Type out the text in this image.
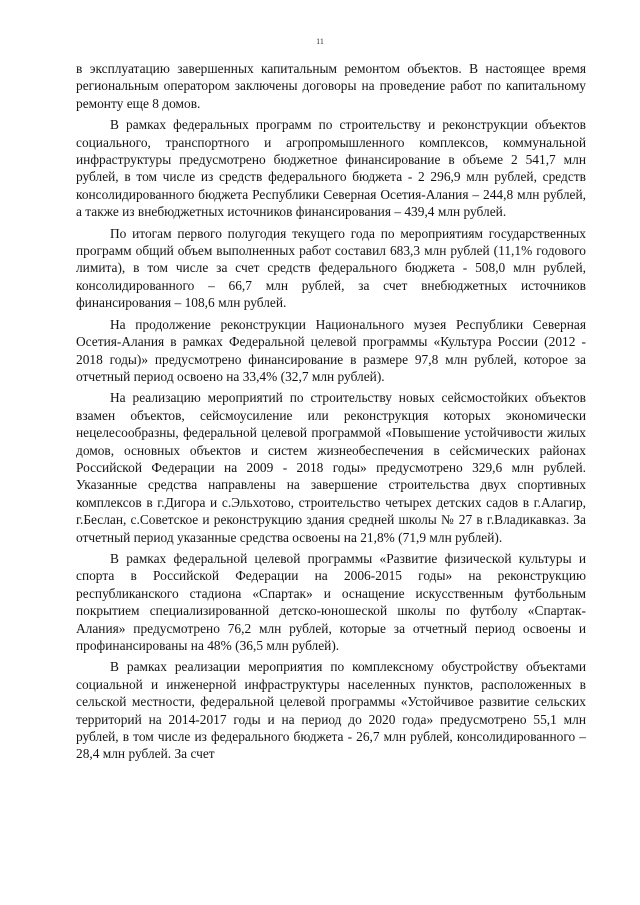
11

в эксплуатацию завершенных капитальным ремонтом объектов. В настоящее время региональным оператором заключены договоры на проведение работ по капитальному ремонту еще 8 домов.

В рамках федеральных программ по строительству и реконструкции объектов социального, транспортного и агропромышленного комплексов, коммунальной инфраструктуры предусмотрено бюджетное финансирование в объеме 2 541,7 млн рублей, в том числе из средств федерального бюджета - 2 296,9 млн рублей, средств консолидированного бюджета Республики Северная Осетия-Алания – 244,8 млн рублей, а также из внебюджетных источников финансирования – 439,4 млн рублей.

По итогам первого полугодия текущего года по мероприятиям государственных программ общий объем выполненных работ составил 683,3 млн рублей (11,1% годового лимита), в том числе за счет средств федерального бюджета - 508,0 млн рублей, консолидированного – 66,7 млн рублей, за счет внебюджетных источников финансирования – 108,6 млн рублей.

На продолжение реконструкции Национального музея Республики Северная Осетия-Алания в рамках Федеральной целевой программы «Культура России (2012 - 2018 годы)» предусмотрено финансирование в размере 97,8 млн рублей, которое за отчетный период освоено на 33,4% (32,7 млн рублей).

На реализацию мероприятий по строительству новых сейсмостойких объектов взамен объектов, сейсмоусиление или реконструкция которых экономически нецелесообразны, федеральной целевой программой «Повышение устойчивости жилых домов, основных объектов и систем жизнеобеспечения в сейсмических районах Российской Федерации на 2009 - 2018 годы» предусмотрено 329,6 млн рублей. Указанные средства направлены на завершение строительства двух спортивных комплексов в г.Дигора и с.Эльхотово, строительство четырех детских садов в г.Алагир, г.Беслан, с.Советское и реконструкцию здания средней школы № 27 в г.Владикавказ. За отчетный период указанные средства освоены на 21,8% (71,9 млн рублей).

В рамках федеральной целевой программы «Развитие физической культуры и спорта в Российской Федерации на 2006-2015 годы» на реконструкцию республиканского стадиона «Спартак» и оснащение искусственным футбольным покрытием специализированной детско-юношеской школы по футболу «Спартак-Алания» предусмотрено 76,2 млн рублей, которые за отчетный период освоены и профинансированы на 48% (36,5 млн рублей).

В рамках реализации мероприятия по комплексному обустройству объектами социальной и инженерной инфраструктуры населенных пунктов, расположенных в сельской местности, федеральной целевой программы «Устойчивое развитие сельских территорий на 2014-2017 годы и на период до 2020 года» предусмотрено 55,1 млн рублей, в том числе из федерального бюджета - 26,7 млн рублей, консолидированного – 28,4 млн рублей. За счет
